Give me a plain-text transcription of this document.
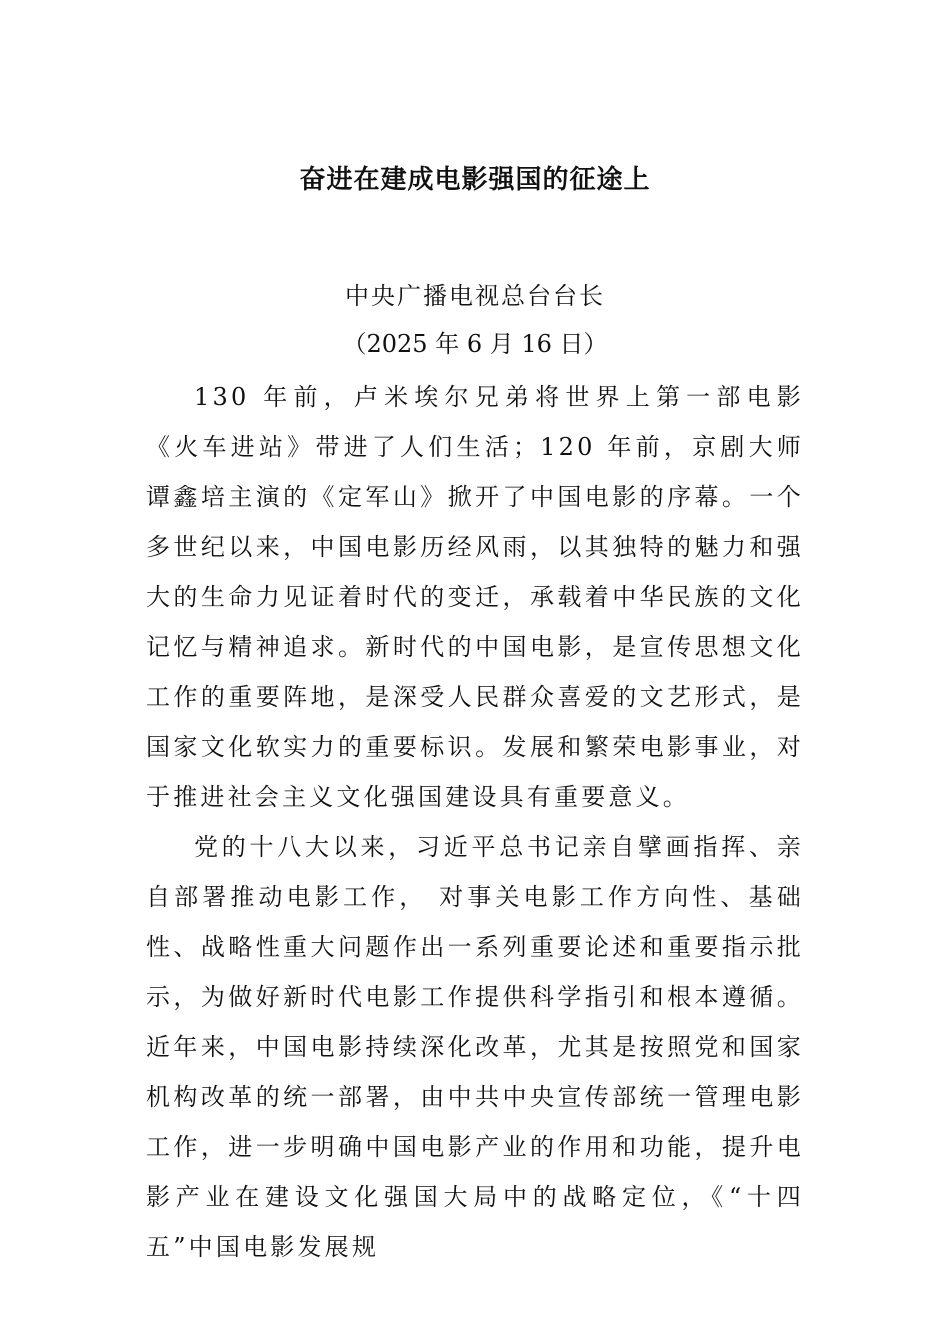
奋进在建成电影强国的征途上
中央广播电视总台台长
（2025 年 6 月 16 日）

130 年前，卢米埃尔兄弟将世界上第一部电影《火车进站》带进了人们生活；120 年前，京剧大师谭鑫培主演的《定军山》掀开了中国电影的序幕。一个多世纪以来，中国电影历经风雨，以其独特的魅力和强大的生命力见证着时代的变迁，承载着中华民族的文化记忆与精神追求。新时代的中国电影，是宣传思想文化工作的重要阵地，是深受人民群众喜爱的文艺形式，是国家文化软实力的重要标识。发展和繁荣电影事业，对于推进社会主义文化强国建设具有重要意义。

党的十八大以来，习近平总书记亲自擘画指挥、亲自部署推动电影工作， 对事关电影工作方向性、基础性、战略性重大问题作出一系列重要论述和重要指示批示，为做好新时代电影工作提供科学指引和根本遵循。近年来，中国电影持续深化改革，尤其是按照党和国家机构改革的统一部署，由中共中央宣传部统一管理电影工作，进一步明确中国电影产业的作用和功能，提升电影产业在建设文化强国大局中的战略定位，《“十四五”中国电影发展规
